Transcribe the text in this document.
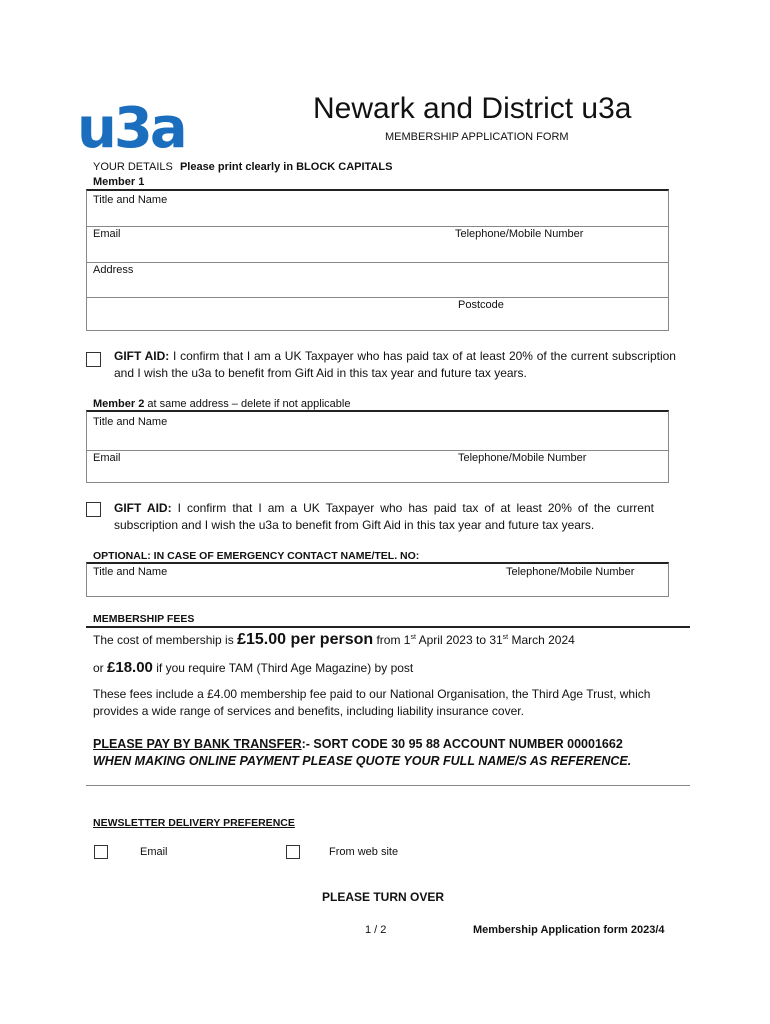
u3a	Newark and District u3a
MEMBERSHIP APPLICATION FORM
YOUR DETAILS Please print clearly in BLOCK CAPITALS
Member 1
Title and Name
Email	Telephone/Mobile Number
Address
Postcode
GIFT AID: I confirm that I am a UK Taxpayer who has paid tax of at least 20% of the current subscription and I wish the u3a to benefit from Gift Aid in this tax year and future tax years.
Member 2 at same address – delete if not applicable
Title and Name
Email	Telephone/Mobile Number
GIFT AID: I confirm that I am a UK Taxpayer who has paid tax of at least 20% of the current subscription and I wish the u3a to benefit from Gift Aid in this tax year and future tax years.
OPTIONAL: IN CASE OF EMERGENCY CONTACT NAME/TEL. NO:
Title and Name	Telephone/Mobile Number
MEMBERSHIP FEES
The cost of membership is £15.00 per person from 1st April 2023 to 31st March 2024
or £18.00 if you require TAM (Third Age Magazine) by post
These fees include a £4.00 membership fee paid to our National Organisation, the Third Age Trust, which provides a wide range of services and benefits, including liability insurance cover.
PLEASE PAY BY BANK TRANSFER:- SORT CODE 30 95 88 ACCOUNT NUMBER 00001662
WHEN MAKING ONLINE PAYMENT PLEASE QUOTE YOUR FULL NAME/S AS REFERENCE.
NEWSLETTER DELIVERY PREFERENCE
Email	From web site
PLEASE TURN OVER
1 / 2	Membership Application form 2023/4
